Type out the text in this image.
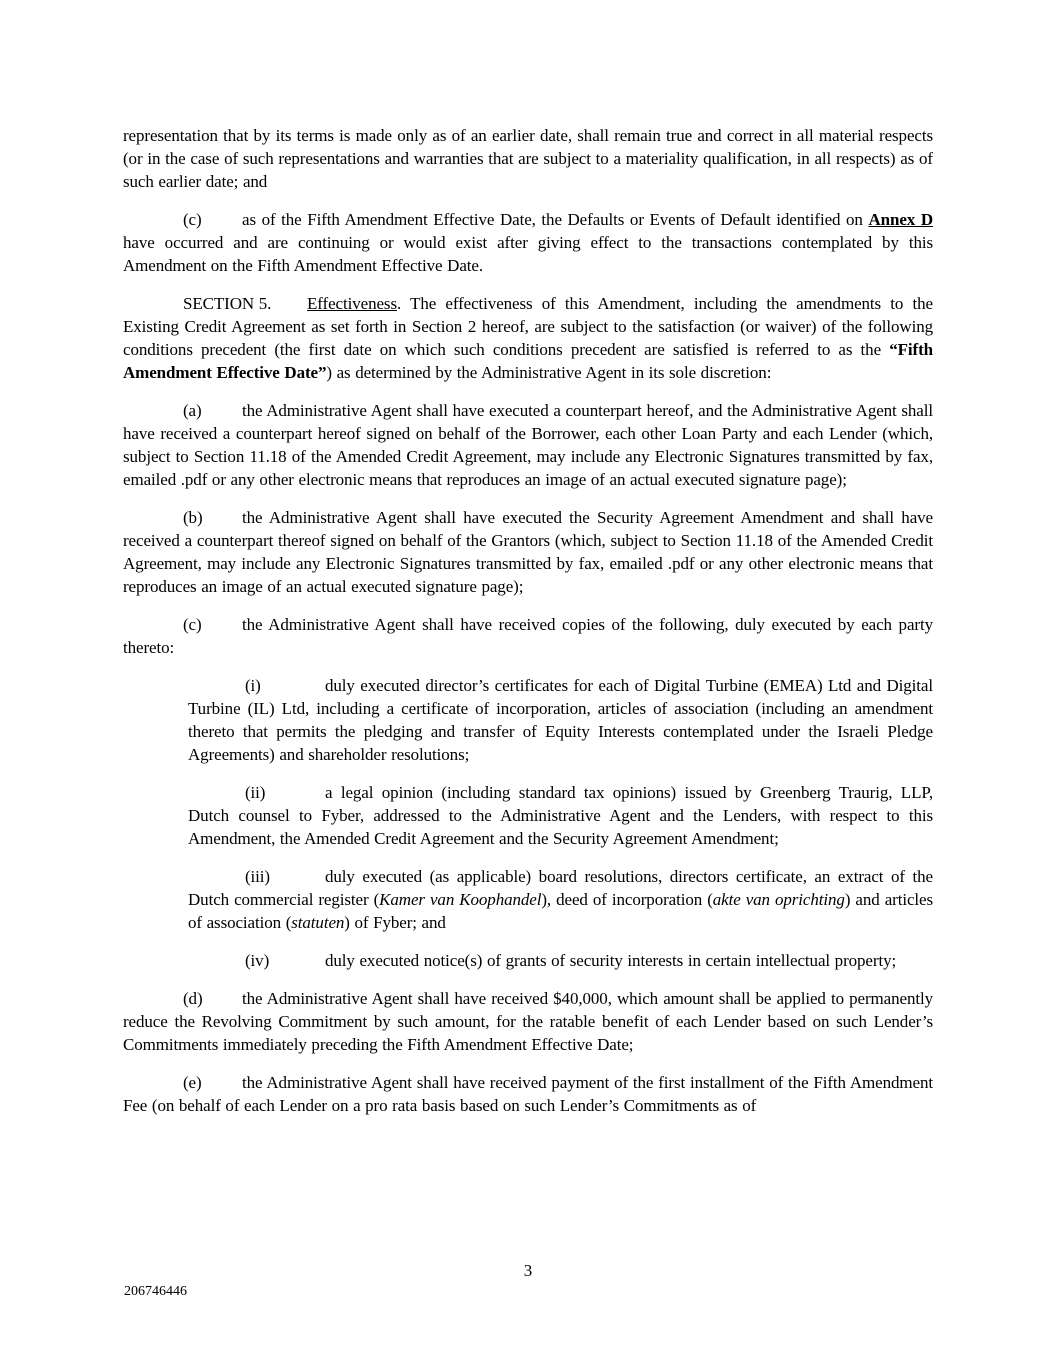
representation that by its terms is made only as of an earlier date, shall remain true and correct in all material respects (or in the case of such representations and warranties that are subject to a materiality qualification, in all respects) as of such earlier date; and

(c) as of the Fifth Amendment Effective Date, the Defaults or Events of Default identified on Annex D have occurred and are continuing or would exist after giving effect to the transactions contemplated by this Amendment on the Fifth Amendment Effective Date.

SECTION 5. Effectiveness. The effectiveness of this Amendment, including the amendments to the Existing Credit Agreement as set forth in Section 2 hereof, are subject to the satisfaction (or waiver) of the following conditions precedent (the first date on which such conditions precedent are satisfied is referred to as the “Fifth Amendment Effective Date”) as determined by the Administrative Agent in its sole discretion:

(a) the Administrative Agent shall have executed a counterpart hereof, and the Administrative Agent shall have received a counterpart hereof signed on behalf of the Borrower, each other Loan Party and each Lender (which, subject to Section 11.18 of the Amended Credit Agreement, may include any Electronic Signatures transmitted by fax, emailed .pdf or any other electronic means that reproduces an image of an actual executed signature page);

(b) the Administrative Agent shall have executed the Security Agreement Amendment and shall have received a counterpart thereof signed on behalf of the Grantors (which, subject to Section 11.18 of the Amended Credit Agreement, may include any Electronic Signatures transmitted by fax, emailed .pdf or any other electronic means that reproduces an image of an actual executed signature page);

(c) the Administrative Agent shall have received copies of the following, duly executed by each party thereto:

(i)	duly executed director’s certificates for each of Digital Turbine (EMEA) Ltd and Digital Turbine (IL) Ltd, including a certificate of incorporation, articles of association (including an amendment thereto that permits the pledging and transfer of Equity Interests contemplated under the Israeli Pledge Agreements) and shareholder resolutions;

(ii)	a legal opinion (including standard tax opinions) issued by Greenberg Traurig, LLP, Dutch counsel to Fyber, addressed to the Administrative Agent and the Lenders, with respect to this Amendment, the Amended Credit Agreement and the Security Agreement Amendment;

(iii)	duly executed (as applicable) board resolutions, directors certificate, an extract of the Dutch commercial register (Kamer van Koophandel), deed of incorporation (akte van oprichting) and articles of association (statuten) of Fyber; and

(iv)	duly executed notice(s) of grants of security interests in certain intellectual property;

(d) the Administrative Agent shall have received $40,000, which amount shall be applied to permanently reduce the Revolving Commitment by such amount, for the ratable benefit of each Lender based on such Lender’s Commitments immediately preceding the Fifth Amendment Effective Date;

(e) the Administrative Agent shall have received payment of the first installment of the Fifth Amendment Fee (on behalf of each Lender on a pro rata basis based on such Lender’s Commitments as of

3
206746446
